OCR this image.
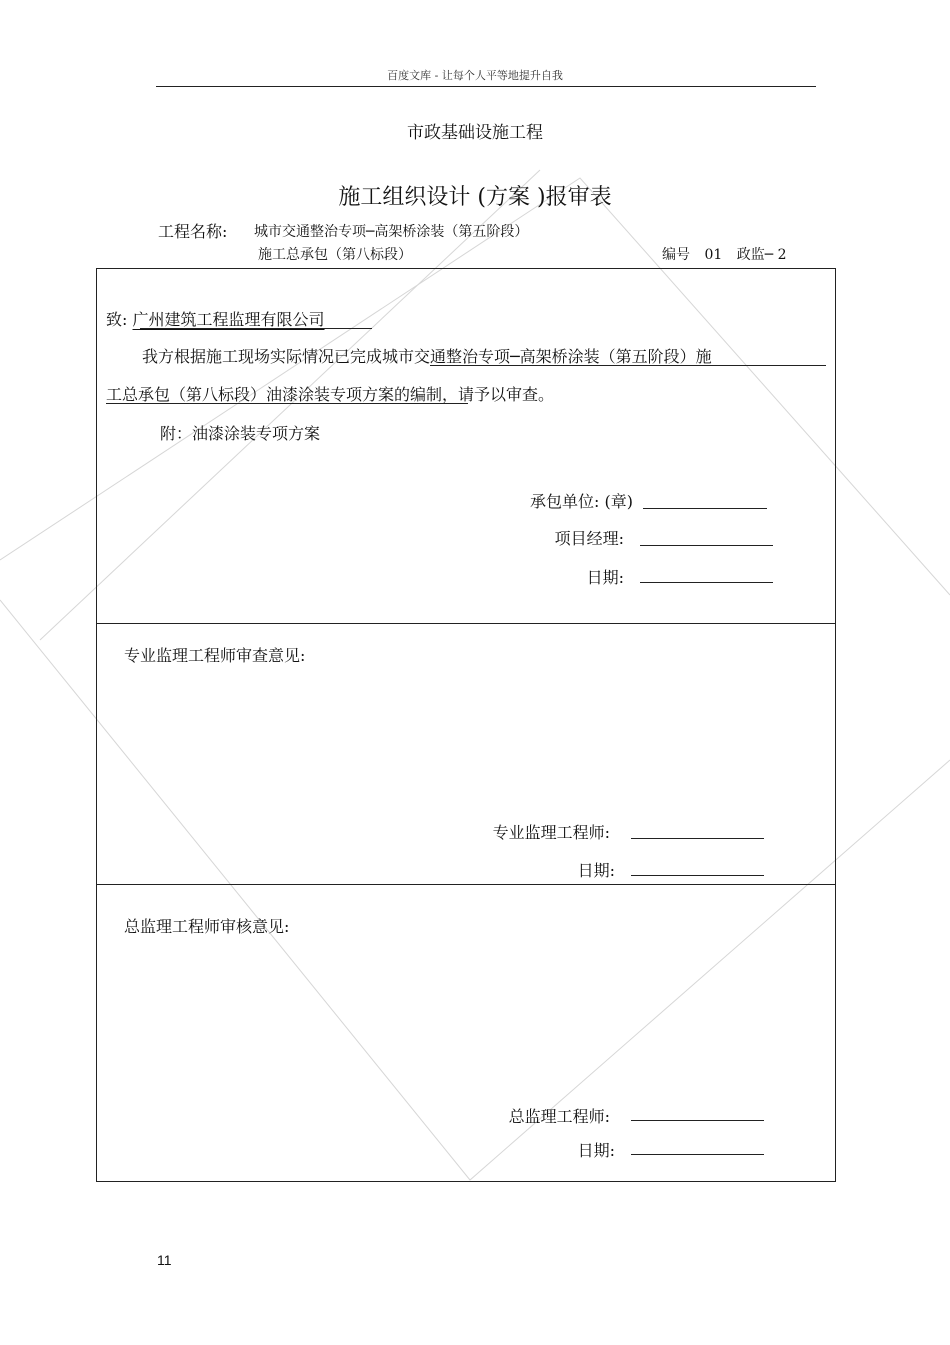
百度文库 - 让每个人平等地提升自我
市政基础设施工程
施工组织设计 (方案 )报审表
工程名称: 城市交通整治专项─高架桥涂装（第五阶段）
施工总承包（第八标段）	编号 01 政监─ 2
致: 广州建筑工程监理有限公司
我方根据施工现场实际情况已完成城市交通整治专项─高架桥涂装（第五阶段）施
工总承包（第八标段）油漆涂装专项方案的编制，请予以审查。
附：油漆涂装专项方案
承包单位: (章)
项目经理:
日期:
专业监理工程师审查意见:
专业监理工程师:
日期:
总监理工程师审核意见:
总监理工程师:
日期:
11
